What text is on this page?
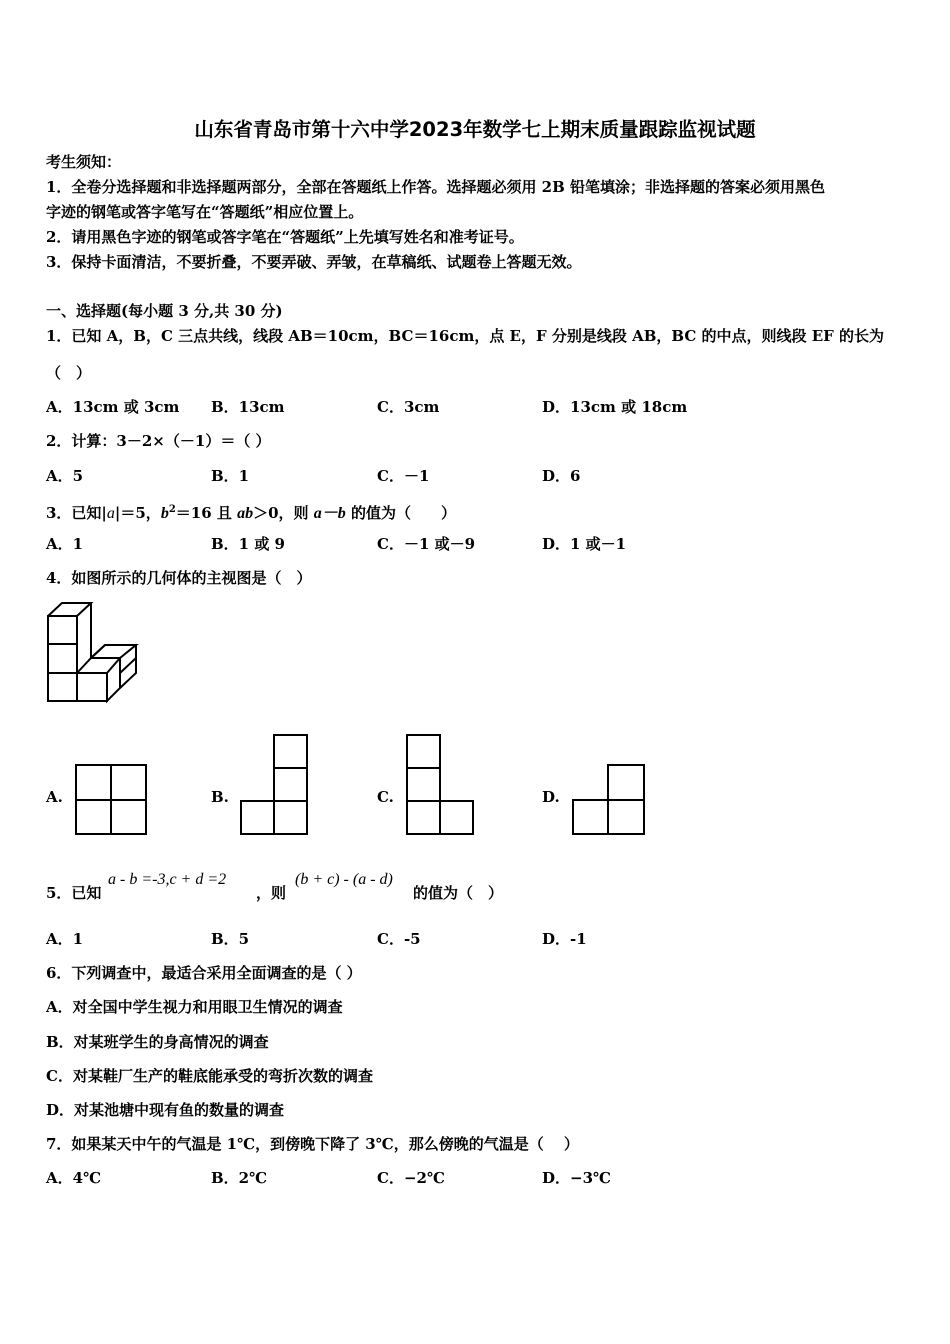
山东省青岛市第十六中学2023年数学七上期末质量跟踪监视试题
考生须知：
1．全卷分选择题和非选择题两部分，全部在答题纸上作答。选择题必须用 2B 铅笔填涂；非选择题的答案必须用黑色
字迹的钢笔或答字笔写在“答题纸”相应位置上。
2．请用黑色字迹的钢笔或答字笔在“答题纸”上先填写姓名和准考证号。
3．保持卡面清洁，不要折叠，不要弄破、弄皱，在草稿纸、试题卷上答题无效。
一、选择题(每小题 3 分,共 30 分)
1．已知 A，B，C 三点共线，线段 AB＝10cm，BC＝16cm，点 E，F 分别是线段 AB，BC 的中点，则线段 EF 的长为
（　）
A．13cm 或 3cm B．13cm	C．3cm	D．13cm 或 18cm
2．计算：3－2×（－1）＝（ ）
A．5	B．1	C．－1	D．6
3．已知|a|＝5，$b^2=16$ 且 ab＞0，则 a－b 的值为（　　）
A．1	B．1 或 9	C．－1 或－9	D．1 或－1
4．如图所示的几何体的主视图是（　）
A.	B.	C.	D.
5．已知
a - b =-3,c + d =2
，则
(b + c) - (a - d)
的值为（　）
A．1	B．5	C．-5	D．-1
6．下列调查中，最适合采用全面调查的是（ ）
A．对全国中学生视力和用眼卫生情况的调查
B．对某班学生的身高情况的调查
C．对某鞋厂生产的鞋底能承受的弯折次数的调查
D．对某池塘中现有鱼的数量的调查
7．如果某天中午的气温是 1℃，到傍晚下降了 3℃，那么傍晚的气温是（　 ）
A．4℃	B．2℃	C．−2℃	D．−3℃
